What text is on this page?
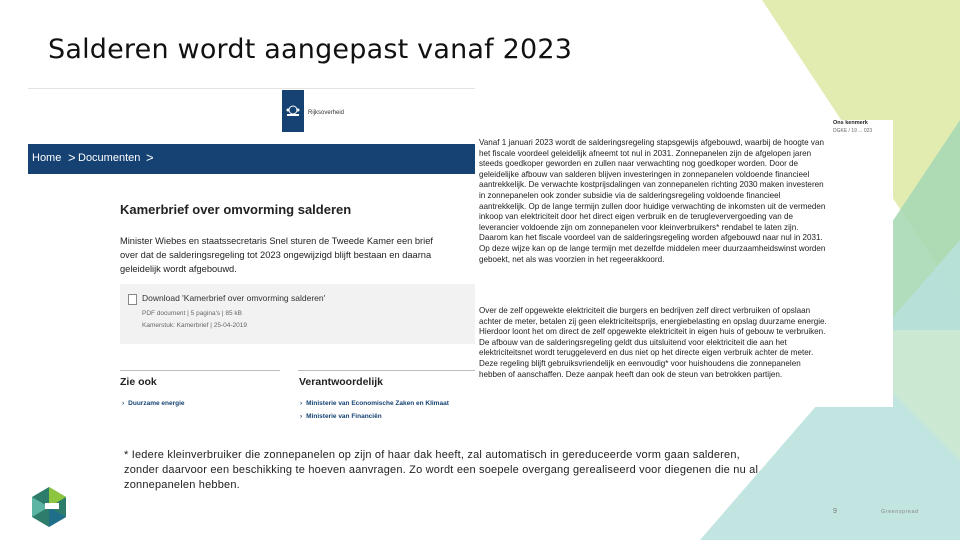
Salderen wordt aangepast vanaf 2023
Rijksoverheid
Home > Documenten >
Kamerbrief over omvorming salderen
Minister Wiebes en staatssecretaris Snel sturen de Tweede Kamer een brief over dat de salderingsregeling tot 2023 ongewijzigd blijft bestaan en daarna geleidelijk wordt afgebouwd.
Download 'Kamerbrief over omvorming salderen'
PDF document | 5 pagina's | 85 kB
Kamerstuk: Kamerbrief | 25-04-2019
Zie ook
› Duurzame energie
Verantwoordelijk
› Ministerie van Economische Zaken en Klimaat
› Ministerie van Financiën
Vanaf 1 januari 2023 wordt de salderingsregeling stapsgewijs afgebouwd, waarbij de hoogte van het fiscale voordeel geleidelijk afneemt tot nul in 2031. Zonnepanelen zijn de afgelopen jaren steeds goedkoper geworden en zullen naar verwachting nog goedkoper worden. Door de geleidelijke afbouw van salderen blijven investeringen in zonnepanelen voldoende financieel aantrekkelijk. De verwachte kostprijsdalingen van zonnepanelen richting 2030 maken investeren in zonnepanelen ook zonder subsidie via de salderingsregeling voldoende financieel aantrekkelijk. Op de lange termijn zullen door huidige verwachting de inkomsten uit de vermeden inkoop van elektriciteit door het direct eigen verbruik en de terugleververgoeding van de leverancier voldoende zijn om zonnepanelen voor kleinverbruikers* rendabel te laten zijn. Daarom kan het fiscale voordeel van de salderingsregeling worden afgebouwd naar nul in 2031. Op deze wijze kan op de lange termijn met dezelfde middelen meer duurzaamheidswinst worden geboekt, net als was voorzien in het regeerakkoord.
Over de zelf opgewekte elektriciteit die burgers en bedrijven zelf direct verbruiken of opslaan achter de meter, betalen zij geen elektriciteitsprijs, energiebelasting en opslag duurzame energie. Hierdoor loont het om direct de zelf opgewekte elektriciteit in eigen huis of gebouw te verbruiken. De afbouw van de salderingsregeling geldt dus uitsluitend voor elektriciteit die aan het elektriciteitsnet wordt teruggeleverd en dus niet op het directe eigen verbruik achter de meter. Deze regeling blijft gebruiksvriendelijk en eenvoudig* voor huishoudens die zonnepanelen hebben of aanschaffen. Deze aanpak heeft dan ook de steun van betrokken partijen.
Ons kenmerk
DGKE / 19 ... 023
* Iedere kleinverbruiker die zonnepanelen op zijn of haar dak heeft, zal automatisch in gereduceerde vorm gaan salderen, zonder daarvoor een beschikking te hoeven aanvragen. Zo wordt een soepele overgang gerealiseerd voor diegenen die nu al zonnepanelen hebben.
9	Greenspread
